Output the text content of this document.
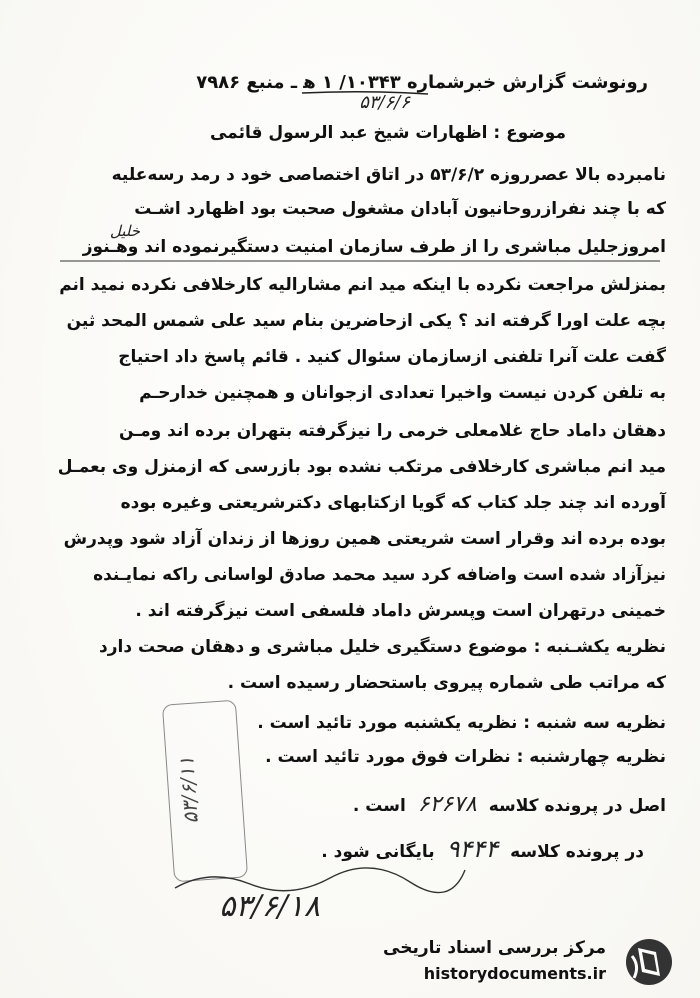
رونوشت گزارش خبرشماره ۱۰۳۴۳/ ۱ ه‍ ـ منبع ۷۹۸۶
۵۳/۶/۶
موضوع : اظهارات شیخ عبد الرسول قائمی
خلیل
نامبرده بالا عصرروزه ۵۳/۶/۲ در اتاق اختصاصی خود د رمد رسه‌علیه
که با چند نفرازروحانیون آبادان مشغول صحبت بود اظهارد اشـت
امروزجلیل مباشری را از طرف سازمان امنیت دستگیرنموده اند وهـنوز
بمنزلش مراجعت نکرده با اینکه مید انم مشارالیه کارخلافی نکرده نمید انم
بچه علت اورا گرفته اند ؟ یکی ازحاضرین بنام سید علی شمس المحد ثین
گفت علت آنرا تلفنی ازسازمان سئوال کنید . قائم پاسخ داد احتیاج
به تلفن کردن نیست واخیرا تعدادی ازجوانان و همچنین خدارحـم
دهقان داماد حاج غلامعلی خرمی را نیزگرفته بتهران برده اند ومـن
مید انم مباشری کارخلافی مرتکب نشده بود بازرسی که ازمنزل وی بعمـل
آورده اند چند جلد کتاب که گویا ازکتابهای دکترشریعتی وغیره بوده
بوده برده اند وقرار است شریعتی همین روزها از زندان آزاد شود وپدرش
نیزآزاد شده است واضافه کرد سید محمد صادق لواسانی راکه نمایـنده
خمینی درتهران است وپسرش داماد فلسفی است نیزگرفته اند .
نظریه یکشـنبه : موضوع دستگیری خلیل مباشری و دهقان صحت دارد
که مراتب طی شماره پیروی باستحضار رسیده است .
نظریه سه شنبه : نظریه یکشنبه مورد تائید است .
نظریه چهارشنبه : نظرات فوق مورد تائید است .
اصل در پرونده کلاسه ۶۲۶۷۸ است .
در پرونده کلاسه ۹۴۴۴ بایگانی شود .
۵۳/۶/۱۱
۵۳/۶/۱۸
مرکز بررسی اسناد تاریخی
historydocuments.ir
